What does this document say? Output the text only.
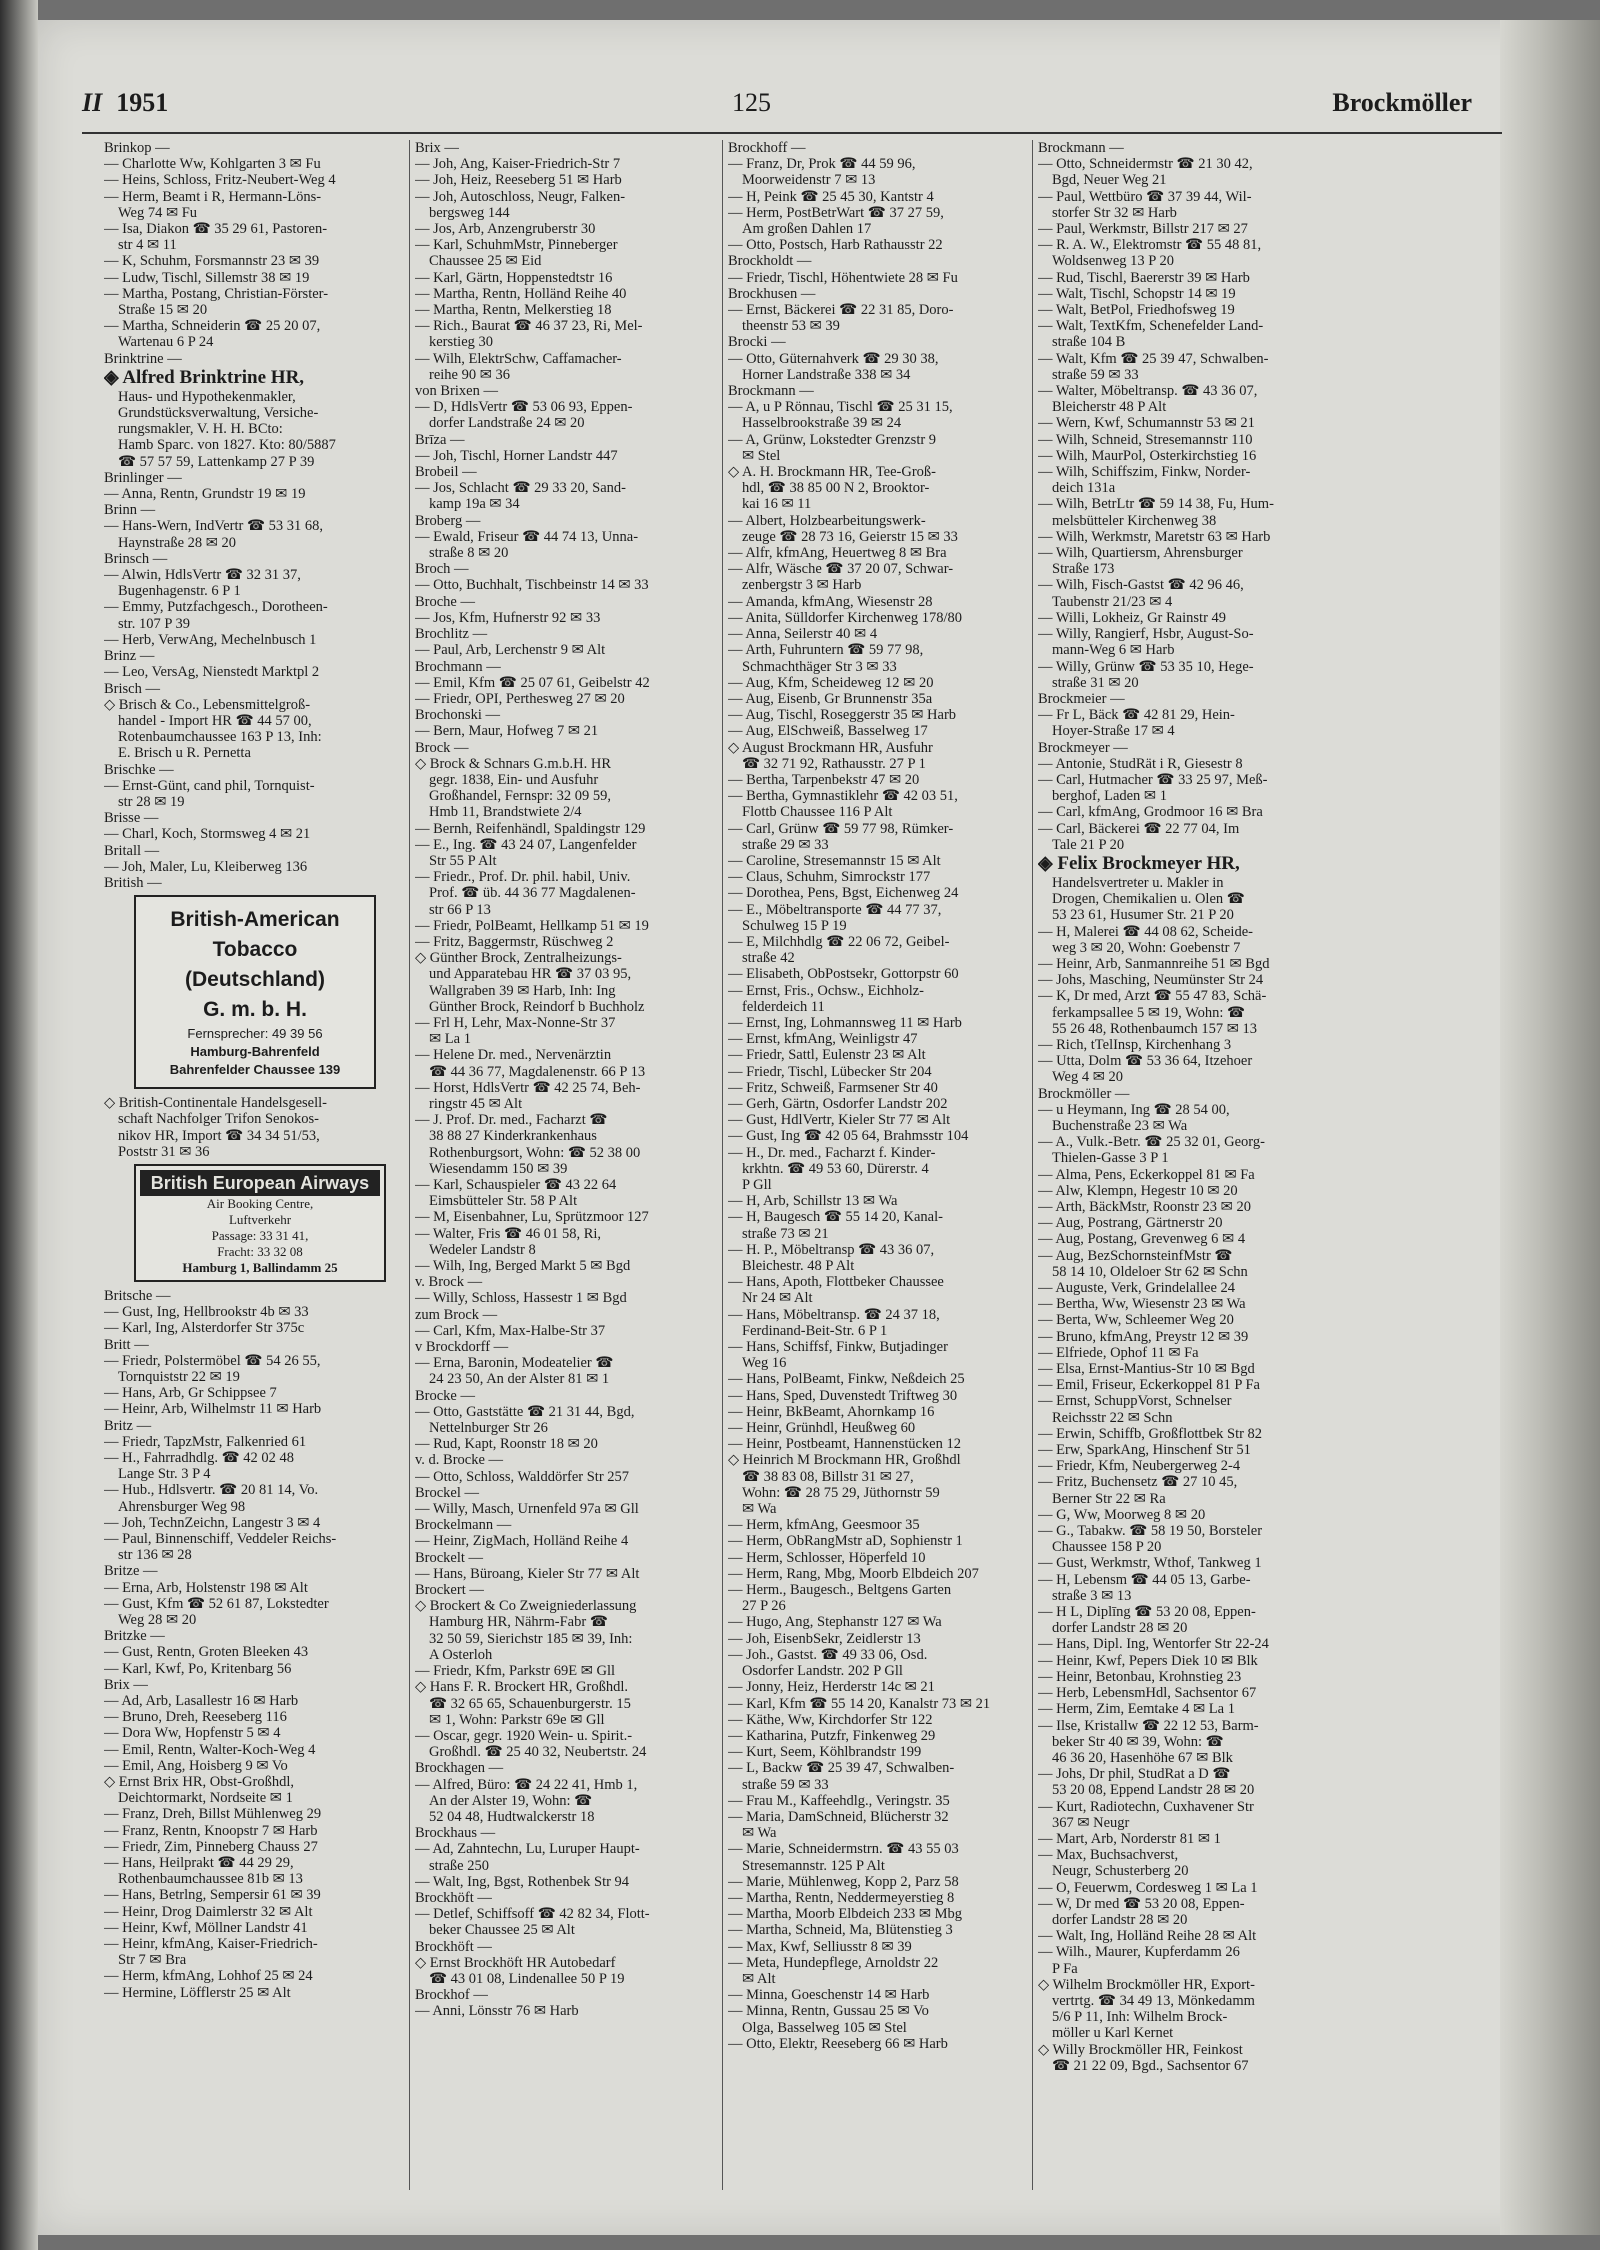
II 1951	125	Brockmöller
Brinkop —
— Charlotte Ww, Kohlgarten 3 ✉ Fu
— Heins, Schloss, Fritz-Neubert-Weg 4
— Herm, Beamt i R, Hermann-Löns-
Weg 74 ✉ Fu
— Isa, Diakon ☎ 35 29 61, Pastoren-
str 4 ✉ 11
— K, Schuhm, Forsmannstr 23 ✉ 39
— Ludw, Tischl, Sillemstr 38 ✉ 19
— Martha, Postang, Christian-Förster-
Straße 15 ✉ 20
— Martha, Schneiderin ☎ 25 20 07,
Wartenau 6 P 24
Brinktrine —
◈ Alfred Brinktrine HR,
Haus- und Hypothekenmakler,
Grundstücksverwaltung, Versiche-
rungsmakler, V. H. H. BCto:
Hamb Sparc. von 1827. Kto: 80/5887
☎ 57 57 59, Lattenkamp 27 P 39
Brinlinger —
— Anna, Rentn, Grundstr 19 ✉ 19
Brinn —
— Hans-Wern, IndVertr ☎ 53 31 68,
Haynstraße 28 ✉ 20
Brinsch —
— Alwin, HdlsVertr ☎ 32 31 37,
Bugenhagenstr. 6 P 1
— Emmy, Putzfachgesch., Dorotheen-
str. 107 P 39
— Herb, VerwAng, Mechelnbusch 1
Brinz —
— Leo, VersAg, Nienstedt Marktpl 2
Brisch —
◇ Brisch & Co., Lebensmittelgroß-
handel - Import HR ☎ 44 57 00,
Rotenbaumchaussee 163 P 13, Inh:
E. Brisch u R. Pernetta
Brischke —
— Ernst-Günt, cand phil, Tornquist-
str 28 ✉ 19
Brisse —
— Charl, Koch, Stormsweg 4 ✉ 21
Britall —
— Joh, Maler, Lu, Kleiberweg 136
British —
British-American
Tobacco (Deutschland)
G. m. b. H.
Fernsprecher: 49 39 56
Hamburg-Bahrenfeld
Bahrenfelder Chaussee 139
◇ British-Continentale Handelsgesell-
schaft Nachfolger Trifon Senokos-
nikov HR, Import ☎ 34 34 51/53,
Poststr 31 ✉ 36
British European Airways
Air Booking Centre,
Luftverkehr
Passage: 33 31 41,
Fracht: 33 32 08
Hamburg 1, Ballindamm 25
Britsche —
— Gust, Ing, Hellbrookstr 4b ✉ 33
— Karl, Ing, Alsterdorfer Str 375c
Britt —
— Friedr, Polstermöbel ☎ 54 26 55,
Tornquiststr 22 ✉ 19
— Hans, Arb, Gr Schippsee 7
— Heinr, Arb, Wilhelmstr 11 ✉ Harb
Britz —
— Friedr, TapzMstr, Falkenried 61
— H., Fahrradhdlg. ☎ 42 02 48
Lange Str. 3 P 4
— Hub., Hdlsvertr. ☎ 20 81 14, Vo.
Ahrensburger Weg 98
— Joh, TechnZeichn, Langestr 3 ✉ 4
— Paul, Binnenschiff, Veddeler Reichs-
str 136 ✉ 28
Britze —
— Erna, Arb, Holstenstr 198 ✉ Alt
— Gust, Kfm ☎ 52 61 87, Lokstedter
Weg 28 ✉ 20
Britzke —
— Gust, Rentn, Groten Bleeken 43
— Karl, Kwf, Po, Kritenbarg 56
Brix —
— Ad, Arb, Lasallestr 16 ✉ Harb
— Bruno, Dreh, Reeseberg 116
— Dora Ww, Hopfenstr 5 ✉ 4
— Emil, Rentn, Walter-Koch-Weg 4
— Emil, Ang, Hoisberg 9 ✉ Vo
◇ Ernst Brix HR, Obst-Großhdl,
Deichtormarkt, Nordseite ✉ 1
— Franz, Dreh, Billst Mühlenweg 29
— Franz, Rentn, Knoopstr 7 ✉ Harb
— Friedr, Zim, Pinneberg Chauss 27
— Hans, Heilprakt ☎ 44 29 29,
Rothenbaumchaussee 81b ✉ 13
— Hans, Betrlng, Sempersir 61 ✉ 39
— Heinr, Drog Daimlerstr 32 ✉ Alt
— Heinr, Kwf, Möllner Landstr 41
— Heinr, kfmAng, Kaiser-Friedrich-
Str 7 ✉ Bra
— Herm, kfmAng, Lohhof 25 ✉ 24
— Hermine, Löfflerstr 25 ✉ Alt
Brix —
— Joh, Ang, Kaiser-Friedrich-Str 7
— Joh, Heiz, Reeseberg 51 ✉ Harb
— Joh, Autoschloss, Neugr, Falken-
bergsweg 144
— Jos, Arb, Anzengruberstr 30
— Karl, SchuhmMstr, Pinneberger
Chaussee 25 ✉ Eid
— Karl, Gärtn, Hoppenstedtstr 16
— Martha, Rentn, Holländ Reihe 40
— Martha, Rentn, Melkerstieg 18
— Rich., Baurat ☎ 46 37 23, Ri, Mel-
kerstieg 30
— Wilh, ElektrSchw, Caffamacher-
reihe 90 ✉ 36
von Brixen —
— D, HdlsVertr ☎ 53 06 93, Eppen-
dorfer Landstraße 24 ✉ 20
Brīza —
— Joh, Tischl, Horner Landstr 447
Brobeil —
— Jos, Schlacht ☎ 29 33 20, Sand-
kamp 19a ✉ 34
Broberg —
— Ewald, Friseur ☎ 44 74 13, Unna-
straße 8 ✉ 20
Broch —
— Otto, Buchhalt, Tischbeinstr 14 ✉ 33
Broche —
— Jos, Kfm, Hufnerstr 92 ✉ 33
Brochlitz —
— Paul, Arb, Lerchenstr 9 ✉ Alt
Brochmann —
— Emil, Kfm ☎ 25 07 61, Geibelstr 42
— Friedr, OPI, Perthesweg 27 ✉ 20
Brochonski —
— Bern, Maur, Hofweg 7 ✉ 21
Brock —
◇ Brock & Schnars G.m.b.H. HR
gegr. 1838, Ein- und Ausfuhr
Großhandel, Fernspr: 32 09 59,
Hmb 11, Brandstwiete 2/4
— Bernh, Reifenhändl, Spaldingstr 129
— E., Ing. ☎ 43 24 07, Langenfelder
Str 55 P Alt
— Friedr., Prof. Dr. phil. habil, Univ.
Prof. ☎ üb. 44 36 77 Magdalenen-
str 66 P 13
— Friedr, PolBeamt, Hellkamp 51 ✉ 19
— Fritz, Baggermstr, Rüschweg 2
◇ Günther Brock, Zentralheizungs-
und Apparatebau HR ☎ 37 03 95,
Wallgraben 39 ✉ Harb, Inh: Ing
Günther Brock, Reindorf b Buchholz
— Frl H, Lehr, Max-Nonne-Str 37
✉ La 1
— Helene Dr. med., Nervenärztin
☎ 44 36 77, Magdalenenstr. 66 P 13
— Horst, HdlsVertr ☎ 42 25 74, Beh-
ringstr 45 ✉ Alt
— J. Prof. Dr. med., Facharzt ☎
38 88 27 Kinderkrankenhaus
Rothenburgsort, Wohn: ☎ 52 38 00
Wiesendamm 150 ✉ 39
— Karl, Schauspieler ☎ 43 22 64
Eimsbütteler Str. 58 P Alt
— M, Eisenbahner, Lu, Sprützmoor 127
— Walter, Fris ☎ 46 01 58, Ri,
Wedeler Landstr 8
— Wilh, Ing, Berged Markt 5 ✉ Bgd
v. Brock —
— Willy, Schloss, Hassestr 1 ✉ Bgd
zum Brock —
— Carl, Kfm, Max-Halbe-Str 37
v Brockdorff —
— Erna, Baronin, Modeatelier ☎
24 23 50, An der Alster 81 ✉ 1
Brocke —
— Otto, Gaststätte ☎ 21 31 44, Bgd,
Nettelnburger Str 26
— Rud, Kapt, Roonstr 18 ✉ 20
v. d. Brocke —
— Otto, Schloss, Walddörfer Str 257
Brockel —
— Willy, Masch, Urnenfeld 97a ✉ Gll
Brockelmann —
— Heinr, ZigMach, Holländ Reihe 4
Brockelt —
— Hans, Büroang, Kieler Str 77 ✉ Alt
Brockert —
◇ Brockert & Co Zweigniederlassung
Hamburg HR, Nährm-Fabr ☎
32 50 59, Sierichstr 185 ✉ 39, Inh:
A Osterloh
— Friedr, Kfm, Parkstr 69E ✉ Gll
◇ Hans F. R. Brockert HR, Großhdl.
☎ 32 65 65, Schauenburgerstr. 15
✉ 1, Wohn: Parkstr 69e ✉ Gll
— Oscar, gegr. 1920 Wein- u. Spirit.-
Großhdl. ☎ 25 40 32, Neubertstr. 24
Brockhagen —
— Alfred, Büro: ☎ 24 22 41, Hmb 1,
An der Alster 19, Wohn: ☎
52 04 48, Hudtwalckerstr 18
Brockhaus —
— Ad, Zahntechn, Lu, Luruper Haupt-
straße 250
— Walt, Ing, Bgst, Rothenbek Str 94
Brockhöft —
— Detlef, Schiffsoff ☎ 42 82 34, Flott-
beker Chaussee 25 ✉ Alt
Brockhöft —
◇ Ernst Brockhöft HR Autobedarf
☎ 43 01 08, Lindenallee 50 P 19
Brockhof —
— Anni, Lönsstr 76 ✉ Harb
Brockhoff —
— Franz, Dr, Prok ☎ 44 59 96,
Moorweidenstr 7 ✉ 13
— H, Peink ☎ 25 45 30, Kantstr 4
— Herm, PostBetrWart ☎ 37 27 59,
Am großen Dahlen 17
— Otto, Postsch, Harb Rathausstr 22
Brockholdt —
— Friedr, Tischl, Höhentwiete 28 ✉ Fu
Brockhusen —
— Ernst, Bäckerei ☎ 22 31 85, Doro-
theenstr 53 ✉ 39
Brocki —
— Otto, Güternahverk ☎ 29 30 38,
Horner Landstraße 338 ✉ 34
Brockmann —
— A, u P Rönnau, Tischl ☎ 25 31 15,
Hasselbrookstraße 39 ✉ 24
— A, Grünw, Lokstedter Grenzstr 9
✉ Stel
◇ A. H. Brockmann HR, Tee-Groß-
hdl, ☎ 38 85 00 N 2, Brooktor-
kai 16 ✉ 11
— Albert, Holzbearbeitungswerk-
zeuge ☎ 28 73 16, Geierstr 15 ✉ 33
— Alfr, kfmAng, Heuertweg 8 ✉ Bra
— Alfr, Wäsche ☎ 37 20 07, Schwar-
zenbergstr 3 ✉ Harb
— Amanda, kfmAng, Wiesenstr 28
— Anita, Sülldorfer Kirchenweg 178/80
— Anna, Seilerstr 40 ✉ 4
— Arth, Fuhruntern ☎ 59 77 98,
Schmachthäger Str 3 ✉ 33
— Aug, Kfm, Scheideweg 12 ✉ 20
— Aug, Eisenb, Gr Brunnenstr 35a
— Aug, Tischl, Roseggerstr 35 ✉ Harb
— Aug, ElSchweiß, Basselweg 17
◇ August Brockmann HR, Ausfuhr
☎ 32 71 92, Rathausstr. 27 P 1
— Bertha, Tarpenbekstr 47 ✉ 20
— Bertha, Gymnastiklehr ☎ 42 03 51,
Flottb Chaussee 116 P Alt
— Carl, Grünw ☎ 59 77 98, Rümker-
straße 29 ✉ 33
— Caroline, Stresemannstr 15 ✉ Alt
— Claus, Schuhm, Simrockstr 177
— Dorothea, Pens, Bgst, Eichenweg 24
— E., Möbeltransporte ☎ 44 77 37,
Schulweg 15 P 19
— E, Milchhdlg ☎ 22 06 72, Geibel-
straße 42
— Elisabeth, ObPostsekr, Gottorpstr 60
— Ernst, Fris., Ochsw., Eichholz-
felderdeich 11
— Ernst, Ing, Lohmannsweg 11 ✉ Harb
— Ernst, kfmAng, Weinligstr 47
— Friedr, Sattl, Eulenstr 23 ✉ Alt
— Friedr, Tischl, Lübecker Str 204
— Fritz, Schweiß, Farmsener Str 40
— Gerh, Gärtn, Osdorfer Landstr 202
— Gust, HdlVertr, Kieler Str 77 ✉ Alt
— Gust, Ing ☎ 42 05 64, Brahmsstr 104
— H., Dr. med., Facharzt f. Kinder-
krkhtn. ☎ 49 53 60, Dürerstr. 4
P Gll
— H, Arb, Schillstr 13 ✉ Wa
— H, Baugesch ☎ 55 14 20, Kanal-
straße 73 ✉ 21
— H. P., Möbeltransp ☎ 43 36 07,
Bleichestr. 48 P Alt
— Hans, Apoth, Flottbeker Chaussee
Nr 24 ✉ Alt
— Hans, Möbeltransp. ☎ 24 37 18,
Ferdinand-Beit-Str. 6 P 1
— Hans, Schiffsf, Finkw, Butjadinger
Weg 16
— Hans, PolBeamt, Finkw, Neßdeich 25
— Hans, Sped, Duvenstedt Triftweg 30
— Heinr, BkBeamt, Ahornkamp 16
— Heinr, Grünhdl, Heußweg 60
— Heinr, Postbeamt, Hannenstücken 12
◇ Heinrich M Brockmann HR, Großhdl
☎ 38 83 08, Billstr 31 ✉ 27,
Wohn: ☎ 28 75 29, Jüthornstr 59
✉ Wa
— Herm, kfmAng, Geesmoor 35
— Herm, ObRangMstr aD, Sophienstr 1
— Herm, Schlosser, Höperfeld 10
— Herm, Rang, Mbg, Moorb Elbdeich 207
— Herm., Baugesch., Beltgens Garten
27 P 26
— Hugo, Ang, Stephanstr 127 ✉ Wa
— Joh, EisenbSekr, Zeidlerstr 13
— Joh., Gastst. ☎ 49 33 06, Osd.
Osdorfer Landstr. 202 P Gll
— Jonny, Heiz, Herderstr 14c ✉ 21
— Karl, Kfm ☎ 55 14 20, Kanalstr 73 ✉ 21
— Käthe, Ww, Kirchdorfer Str 122
— Katharina, Putzfr, Finkenweg 29
— Kurt, Seem, Köhlbrandstr 199
— L, Backw ☎ 25 39 47, Schwalben-
straße 59 ✉ 33
— Frau M., Kaffeehdlg., Veringstr. 35
— Maria, DamSchneid, Blücherstr 32
✉ Wa
— Marie, Schneidermstrn. ☎ 43 55 03
Stresemannstr. 125 P Alt
— Marie, Mühlenweg, Kopp 2, Parz 58
— Martha, Rentn, Neddermeyerstieg 8
— Martha, Moorb Elbdeich 233 ✉ Mbg
— Martha, Schneid, Ma, Blütenstieg 3
— Max, Kwf, Selliusstr 8 ✉ 39
— Meta, Hundepflege, Arnoldstr 22
✉ Alt
— Minna, Goeschenstr 14 ✉ Harb
— Minna, Rentn, Gussau 25 ✉ Vo
Olga, Basselweg 105 ✉ Stel
— Otto, Elektr, Reeseberg 66 ✉ Harb
Brockmann —
— Otto, Schneidermstr ☎ 21 30 42,
Bgd, Neuer Weg 21
— Paul, Wettbüro ☎ 37 39 44, Wil-
storfer Str 32 ✉ Harb
— Paul, Werkmstr, Billstr 217 ✉ 27
— R. A. W., Elektromstr ☎ 55 48 81,
Woldsenweg 13 P 20
— Rud, Tischl, Baererstr 39 ✉ Harb
— Walt, Tischl, Schopstr 14 ✉ 19
— Walt, BetPol, Friedhofsweg 19
— Walt, TextKfm, Schenefelder Land-
straße 104 B
— Walt, Kfm ☎ 25 39 47, Schwalben-
straße 59 ✉ 33
— Walter, Möbeltransp. ☎ 43 36 07,
Bleicherstr 48 P Alt
— Wern, Kwf, Schumannstr 53 ✉ 21
— Wilh, Schneid, Stresemannstr 110
— Wilh, MaurPol, Osterkirchstieg 16
— Wilh, Schiffszim, Finkw, Norder-
deich 131a
— Wilh, BetrLtr ☎ 59 14 38, Fu, Hum-
melsbütteler Kirchenweg 38
— Wilh, Werkmstr, Maretstr 63 ✉ Harb
— Wilh, Quartiersm, Ahrensburger
Straße 173
— Wilh, Fisch-Gastst ☎ 42 96 46,
Taubenstr 21/23 ✉ 4
— Willi, Lokheiz, Gr Rainstr 49
— Willy, Rangierf, Hsbr, August-So-
mann-Weg 6 ✉ Harb
— Willy, Grünw ☎ 53 35 10, Hege-
straße 31 ✉ 20
Brockmeier —
— Fr L, Bäck ☎ 42 81 29, Hein-
Hoyer-Straße 17 ✉ 4
Brockmeyer —
— Antonie, StudRät i R, Giesestr 8
— Carl, Hutmacher ☎ 33 25 97, Meß-
berghof, Laden ✉ 1
— Carl, kfmAng, Grodmoor 16 ✉ Bra
— Carl, Bäckerei ☎ 22 77 04, Im
Tale 21 P 20
◈ Felix Brockmeyer HR,
Handelsvertreter u. Makler in
Drogen, Chemikalien u. Olen ☎
53 23 61, Husumer Str. 21 P 20
— H, Malerei ☎ 44 08 62, Scheide-
weg 3 ✉ 20, Wohn: Goebenstr 7
— Heinr, Arb, Sanmannreihe 51 ✉ Bgd
— Johs, Masching, Neumünster Str 24
— K, Dr med, Arzt ☎ 55 47 83, Schä-
ferkampsallee 5 ✉ 19, Wohn: ☎
55 26 48, Rothenbaumch 157 ✉ 13
— Rich, tTelInsp, Kirchenhang 3
— Utta, Dolm ☎ 53 36 64, Itzehoer
Weg 4 ✉ 20
Brockmöller —
— u Heymann, Ing ☎ 28 54 00,
Buchenstraße 23 ✉ Wa
— A., Vulk.-Betr. ☎ 25 32 01, Georg-
Thielen-Gasse 3 P 1
— Alma, Pens, Eckerkoppel 81 ✉ Fa
— Alw, Klempn, Hegestr 10 ✉ 20
— Arth, BäckMstr, Roonstr 23 ✉ 20
— Aug, Postrang, Gärtnerstr 20
— Aug, Postang, Grevenweg 6 ✉ 4
— Aug, BezSchornsteinfMstr ☎
58 14 10, Oldeloer Str 62 ✉ Schn
— Auguste, Verk, Grindelallee 24
— Bertha, Ww, Wiesenstr 23 ✉ Wa
— Berta, Ww, Schleemer Weg 20
— Bruno, kfmAng, Preystr 12 ✉ 39
— Elfriede, Ophof 11 ✉ Fa
— Elsa, Ernst-Mantius-Str 10 ✉ Bgd
— Emil, Friseur, Eckerkoppel 81 P Fa
— Ernst, SchuppVorst, Schnelser
Reichsstr 22 ✉ Schn
— Erwin, Schiffb, Großflottbek Str 82
— Erw, SparkAng, Hinschenf Str 51
— Friedr, Kfm, Neubergerweg 2-4
— Fritz, Buchensetz ☎ 27 10 45,
Berner Str 22 ✉ Ra
— G, Ww, Moorweg 8 ✉ 20
— G., Tabakw. ☎ 58 19 50, Borsteler
Chaussee 158 P 20
— Gust, Werkmstr, Wthof, Tankweg 1
— H, Lebensm ☎ 44 05 13, Garbe-
straße 3 ✉ 13
— H L, Diplīng ☎ 53 20 08, Eppen-
dorfer Landstr 28 ✉ 20
— Hans, Dipl. Ing, Wentorfer Str 22-24
— Heinr, Kwf, Pepers Diek 10 ✉ Blk
— Heinr, Betonbau, Krohnstieg 23
— Herb, LebensmHdl, Sachsentor 67
— Herm, Zim, Eemtake 4 ✉ La 1
— Ilse, Kristallw ☎ 22 12 53, Barm-
beker Str 40 ✉ 39, Wohn: ☎
46 36 20, Hasenhöhe 67 ✉ Blk
— Johs, Dr phil, StudRat a D ☎
53 20 08, Eppend Landstr 28 ✉ 20
— Kurt, Radiotechn, Cuxhavener Str
367 ✉ Neugr
— Mart, Arb, Norderstr 81 ✉ 1
— Max, Buchsachverst,
Neugr, Schusterberg 20
— O, Feuerwm, Cordesweg 1 ✉ La 1
— W, Dr med ☎ 53 20 08, Eppen-
dorfer Landstr 28 ✉ 20
— Walt, Ing, Holländ Reihe 28 ✉ Alt
— Wilh., Maurer, Kupferdamm 26
P Fa
◇ Wilhelm Brockmöller HR, Export-
vertrtg. ☎ 34 49 13, Mönkedamm
5/6 P 11, Inh: Wilhelm Brock-
möller u Karl Kernet
◇ Willy Brockmöller HR, Feinkost
☎ 21 22 09, Bgd., Sachsentor 67
